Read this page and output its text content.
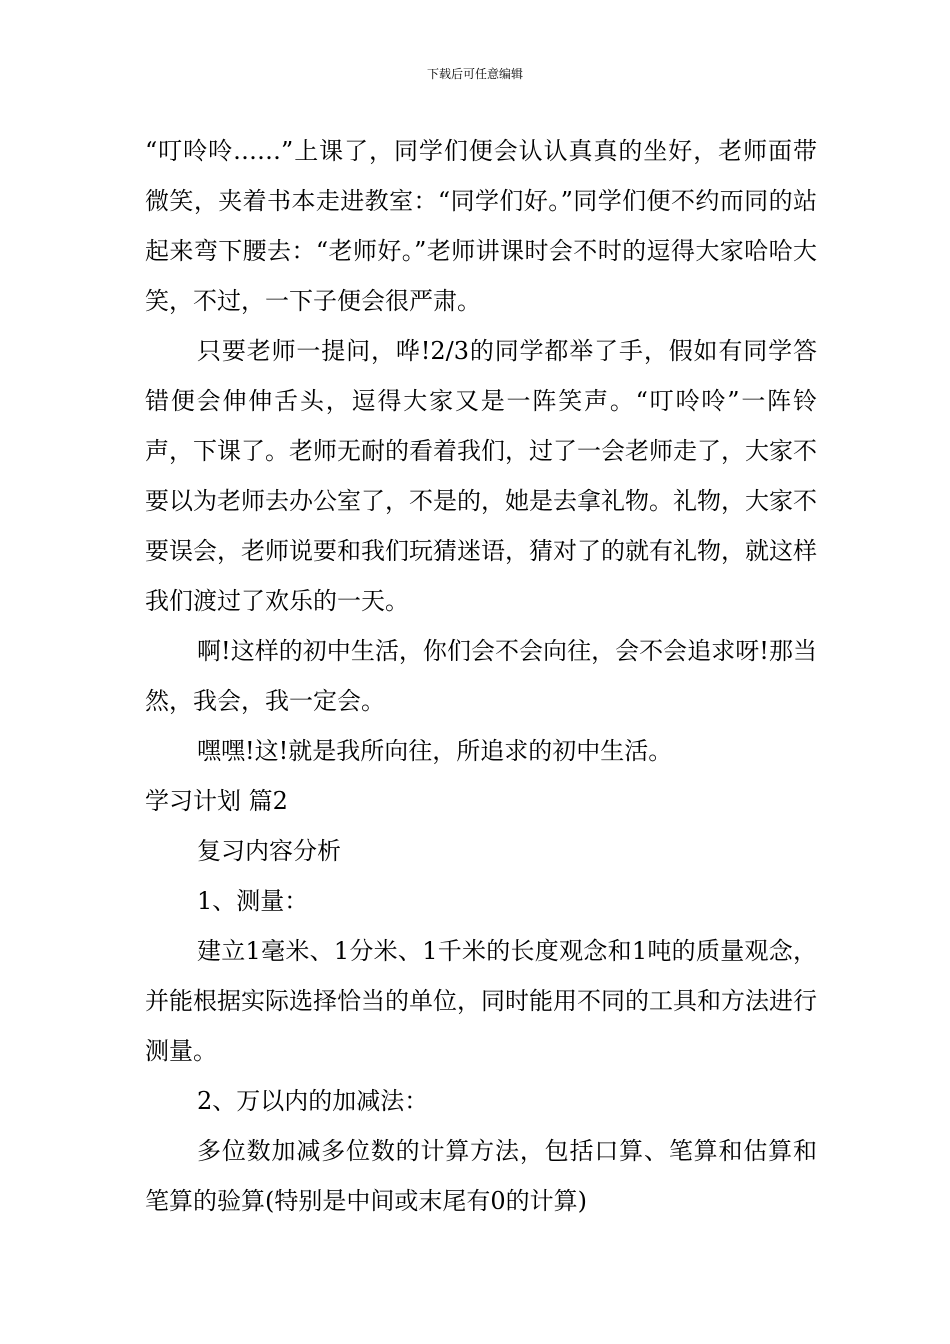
下载后可任意编辑

“叮呤呤……”上课了，同学们便会认认真真的坐好，老师面带微笑，夹着书本走进教室：“同学们好。”同学们便不约而同的站起来弯下腰去：“老师好。”老师讲课时会不时的逗得大家哈哈大笑，不过，一下子便会很严肃。

只要老师一提问，哗!2/3的同学都举了手，假如有同学答错便会伸伸舌头，逗得大家又是一阵笑声。“叮呤呤”一阵铃声，下课了。老师无耐的看着我们，过了一会老师走了，大家不要以为老师去办公室了，不是的，她是去拿礼物。礼物，大家不要误会，老师说要和我们玩猜迷语，猜对了的就有礼物，就这样我们渡过了欢乐的一天。

啊!这样的初中生活，你们会不会向往，会不会追求呀!那当然，我会，我一定会。

嘿嘿!这!就是我所向往，所追求的初中生活。

学习计划 篇2

复习内容分析

1、测量：

建立1毫米、1分米、1千米的长度观念和1吨的质量观念，并能根据实际选择恰当的单位，同时能用不同的工具和方法进行测量。

2、万以内的加减法：

多位数加减多位数的计算方法，包括口算、笔算和估算和笔算的验算(特别是中间或末尾有0的计算)
